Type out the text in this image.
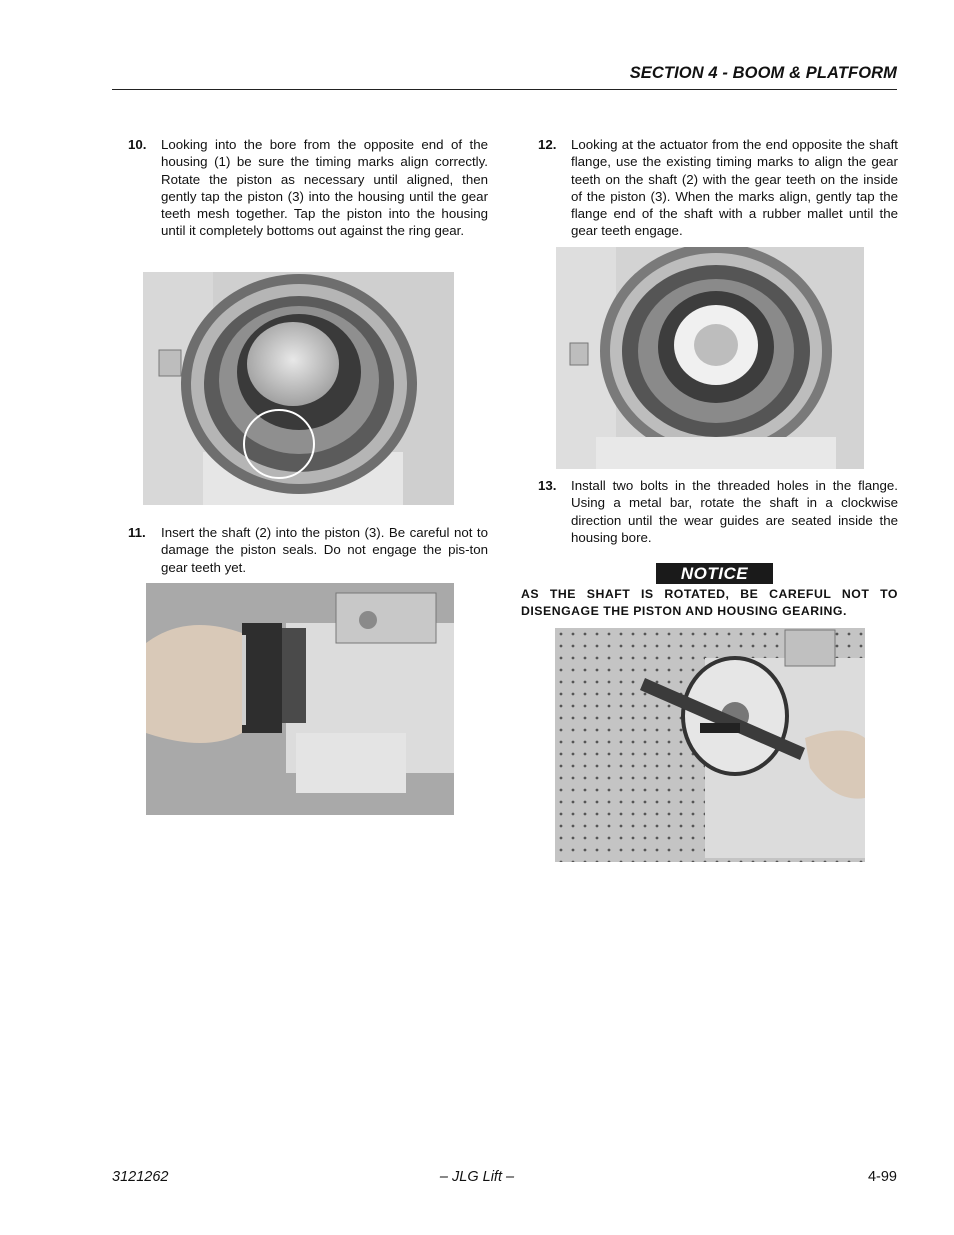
SECTION 4 - BOOM & PLATFORM
10. Looking into the bore from the opposite end of the housing (1) be sure the timing marks align correctly. Rotate the piston as necessary until aligned, then gently tap the piston (3) into the housing until the gear teeth mesh together. Tap the piston into the housing until it completely bottoms out against the ring gear.
11. Insert the shaft (2) into the piston (3). Be careful not to damage the piston seals. Do not engage the pis-ton gear teeth yet.
12. Looking at the actuator from the end opposite the shaft flange, use the existing timing marks to align the gear teeth on the shaft (2) with the gear teeth on the inside of the piston (3). When the marks align, gently tap the flange end of the shaft with a rubber mallet until the gear teeth engage.
13. Install two bolts in the threaded holes in the flange. Using a metal bar, rotate the shaft in a clockwise direction until the wear guides are seated inside the housing bore.
NOTICE
AS THE SHAFT IS ROTATED, BE CAREFUL NOT TO DISENGAGE THE PISTON AND HOUSING GEARING.
3121262	– JLG Lift –	4-99
